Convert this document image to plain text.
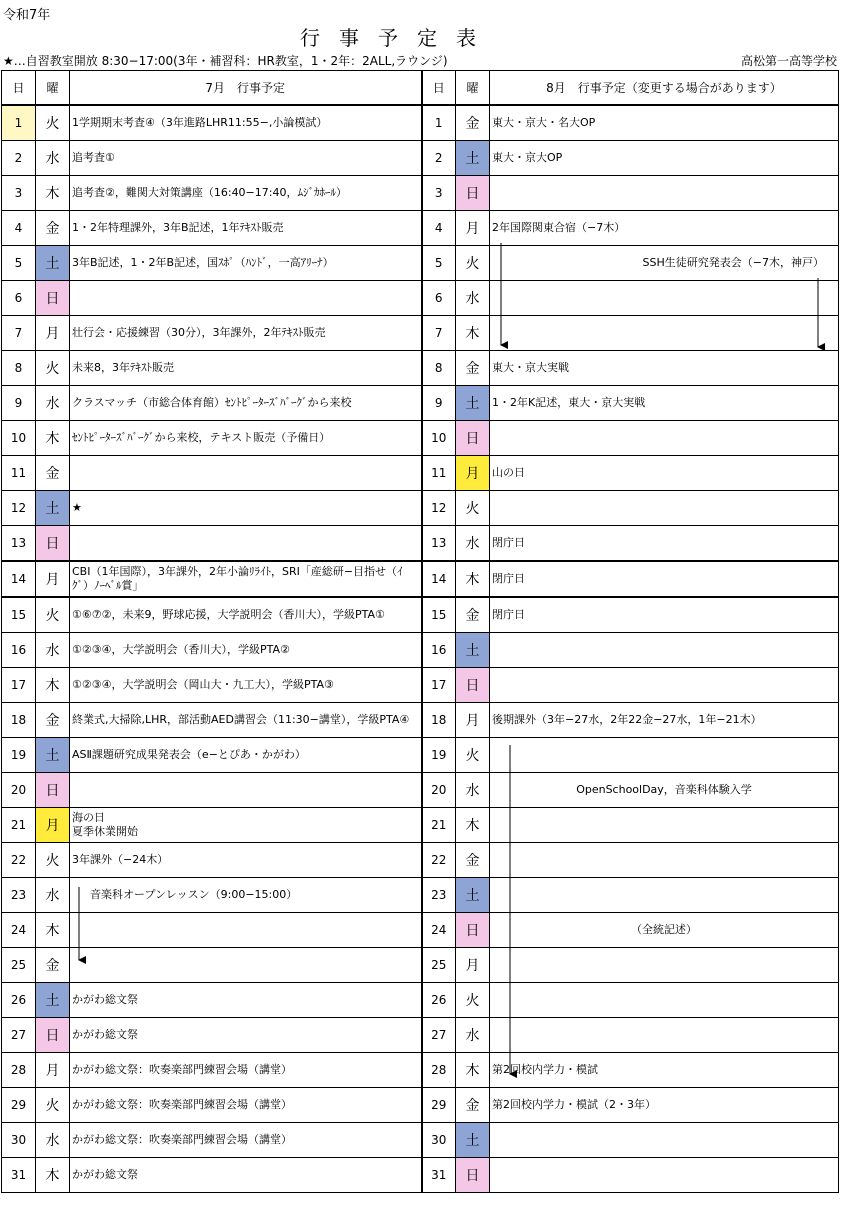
令和7年
行事予定表
★…自習教室開放 8:30−17:00(3年・補習科：HR教室，1・2年：2ALL,ラウンジ)	高松第一高等学校
日	曜	7月　行事予定	日	曜	8月　行事予定（変更する場合があります）
1	火	1学期期末考査④（3年進路LHR11:55−,小論模試）	1	金	東大・京大・名大OP
2	水	追考査①	2	土	東大・京大OP
3	木	追考査②，難関大対策講座（16:40−17:40，ﾑｼﾞｶﾎｰﾙ）	3	日	
4	金	1・2年特理課外，3年B記述，1年ﾃｷｽﾄ販売	4	月	2年国際関東合宿（−7木）
5	土	3年B記述，1・2年B記述，国ｽﾎﾟ（ﾊﾝﾄﾞ，一高ｱﾘｰﾅ）	5	火	SSH生徒研究発表会（−7木，神戸）
6	日		6	水	
7	月	壮行会・応援練習（30分），3年課外，2年ﾃｷｽﾄ販売	7	木	
8	火	未来8，3年ﾃｷｽﾄ販売	8	金	東大・京大実戦
9	水	クラスマッチ（市総合体育館）ｾﾝﾄﾋﾟｰﾀｰｽﾞﾊﾞｰｸﾞから来校	9	土	1・2年K記述，東大・京大実戦
10	木	ｾﾝﾄﾋﾟｰﾀｰｽﾞﾊﾞｰｸﾞから来校，テキスト販売（予備日）	10	日	
11	金		11	月	山の日
12	土	★	12	火	
13	日		13	水	閉庁日
14	月	CBI（1年国際），3年課外，2年小論ﾘﾗｲﾄ，SRI「産総研−目指せ（ｲｸﾞ）ﾉｰﾍﾞﾙ賞」	14	木	閉庁日
15	火	①⑥⑦②，未来9，野球応援，大学説明会（香川大），学級PTA①	15	金	閉庁日
16	水	①②③④，大学説明会（香川大），学級PTA②	16	土	
17	木	①②③④，大学説明会（岡山大・九工大），学級PTA③	17	日	
18	金	終業式,大掃除,LHR，部活動AED講習会（11:30−講堂），学級PTA④	18	月	後期課外（3年−27水，2年22金−27水，1年−21木）
19	土	ASⅡ課題研究成果発表会（e−とぴあ・かがわ）	19	火	
20	日		20	水	OpenSchoolDay，音楽科体験入学
21	月	海の日
夏季休業開始	21	木	
22	火	3年課外（−24木）	22	金	
23	水	音楽科オープンレッスン（9:00−15:00）	23	土	
24	木		24	日	（全統記述）
25	金		25	月	
26	土	かがわ総文祭	26	火	
27	日	かがわ総文祭	27	水	
28	月	かがわ総文祭：吹奏楽部門練習会場（講堂）	28	木	第2回校内学力・模試
29	火	かがわ総文祭：吹奏楽部門練習会場（講堂）	29	金	第2回校内学力・模試（2・3年）
30	水	かがわ総文祭：吹奏楽部門練習会場（講堂）	30	土	
31	木	かがわ総文祭	31	日	
